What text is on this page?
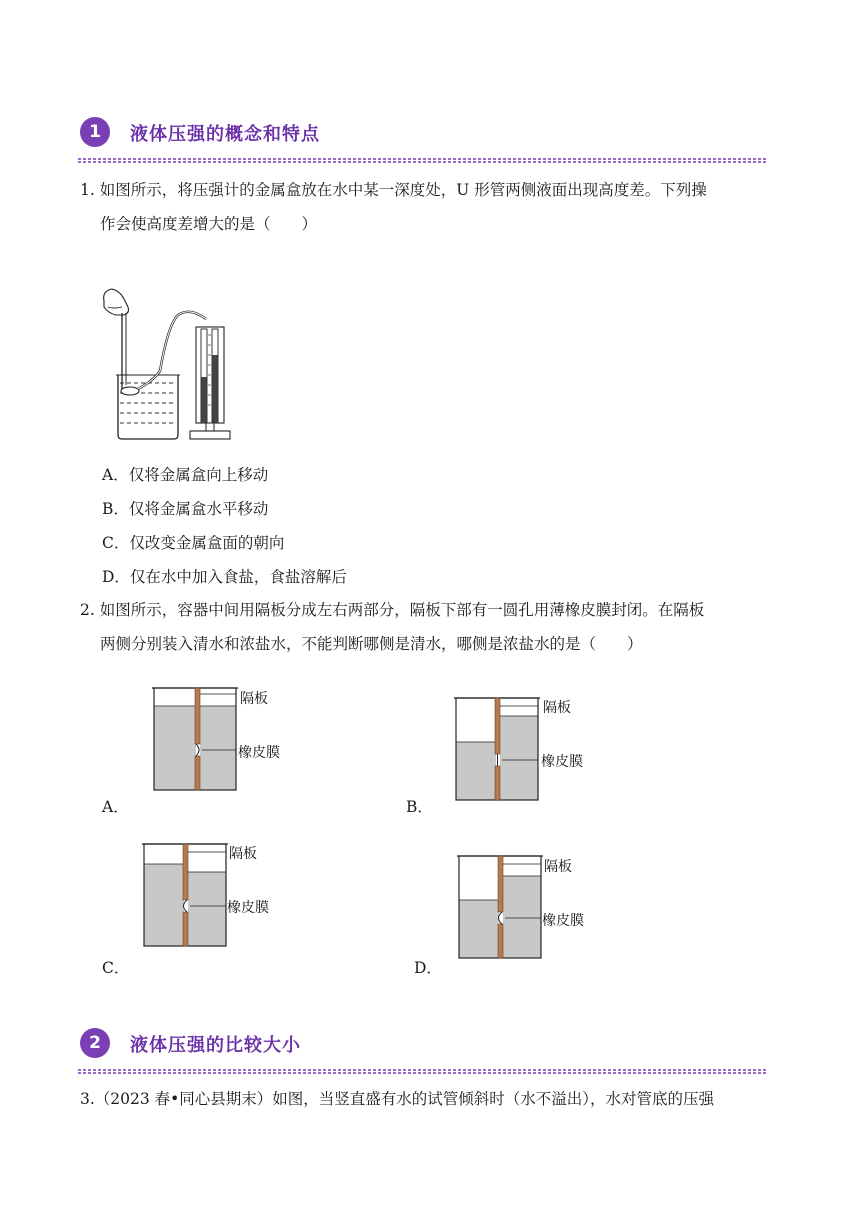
1	液体压强的概念和特点
1. 如图所示，将压强计的金属盒放在水中某一深度处，U 形管两侧液面出现高度差。下列操
作会使高度差增大的是（　　）
A．仅将金属盒向上移动
B．仅将金属盒水平移动
C．仅改变金属盒面的朝向
D．仅在水中加入食盐，食盐溶解后
2. 如图所示，容器中间用隔板分成左右两部分，隔板下部有一圆孔用薄橡皮膜封闭。在隔板
两侧分别装入清水和浓盐水，不能判断哪侧是清水，哪侧是浓盐水的是（　　）
隔板
橡皮膜
A．
隔板
橡皮膜
B．
隔板
橡皮膜
C．
隔板
橡皮膜
D．
2	液体压强的比较大小
3.（2023 春•同心县期末）如图，当竖直盛有水的试管倾斜时（水不溢出），水对管底的压强
